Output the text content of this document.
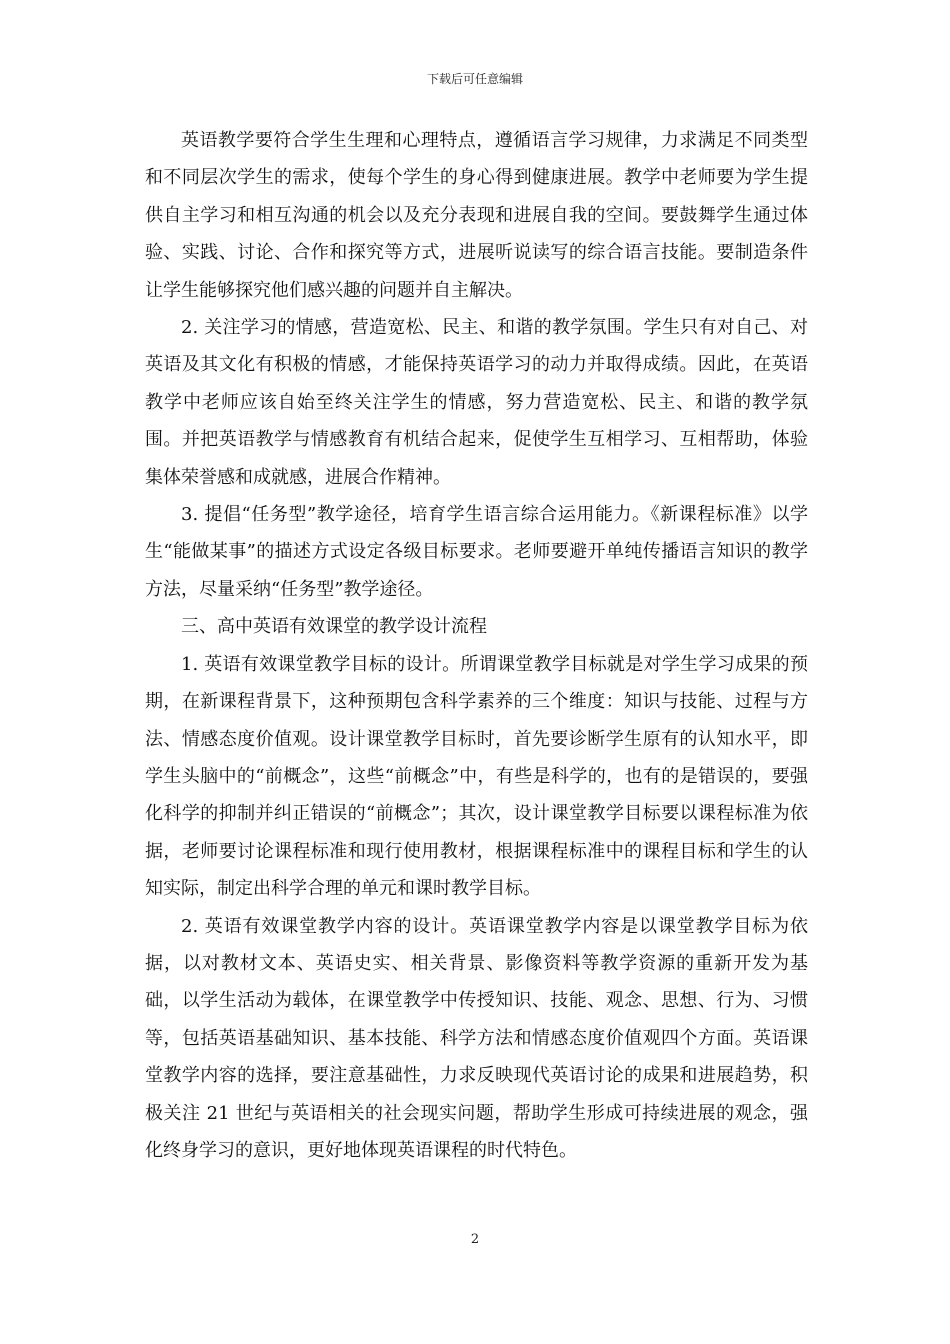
下载后可任意编辑

英语教学要符合学生生理和心理特点，遵循语言学习规律，力求满足不同类型和不同层次学生的需求，使每个学生的身心得到健康进展。教学中老师要为学生提供自主学习和相互沟通的机会以及充分表现和进展自我的空间。要鼓舞学生通过体验、实践、讨论、合作和探究等方式，进展听说读写的综合语言技能。要制造条件让学生能够探究他们感兴趣的问题并自主解决。

2. 关注学习的情感，营造宽松、民主、和谐的教学氛围。学生只有对自己、对英语及其文化有积极的情感，才能保持英语学习的动力并取得成绩。因此，在英语教学中老师应该自始至终关注学生的情感，努力营造宽松、民主、和谐的教学氛围。并把英语教学与情感教育有机结合起来，促使学生互相学习、互相帮助，体验集体荣誉感和成就感，进展合作精神。

3. 提倡“任务型”教学途径，培育学生语言综合运用能力。《新课程标准》以学生“能做某事”的描述方式设定各级目标要求。老师要避开单纯传播语言知识的教学方法，尽量采纳“任务型”教学途径。

三、高中英语有效课堂的教学设计流程

1. 英语有效课堂教学目标的设计。所谓课堂教学目标就是对学生学习成果的预期，在新课程背景下，这种预期包含科学素养的三个维度：知识与技能、过程与方法、情感态度价值观。设计课堂教学目标时，首先要诊断学生原有的认知水平，即学生头脑中的“前概念”，这些“前概念”中，有些是科学的，也有的是错误的，要强化科学的抑制并纠正错误的“前概念”；其次，设计课堂教学目标要以课程标准为依据，老师要讨论课程标准和现行使用教材，根据课程标准中的课程目标和学生的认知实际，制定出科学合理的单元和课时教学目标。

2. 英语有效课堂教学内容的设计。英语课堂教学内容是以课堂教学目标为依据，以对教材文本、英语史实、相关背景、影像资料等教学资源的重新开发为基础，以学生活动为载体，在课堂教学中传授知识、技能、观念、思想、行为、习惯等，包括英语基础知识、基本技能、科学方法和情感态度价值观四个方面。英语课堂教学内容的选择，要注意基础性，力求反映现代英语讨论的成果和进展趋势，积极关注 21 世纪与英语相关的社会现实问题，帮助学生形成可持续进展的观念，强化终身学习的意识，更好地体现英语课程的时代特色。

2
